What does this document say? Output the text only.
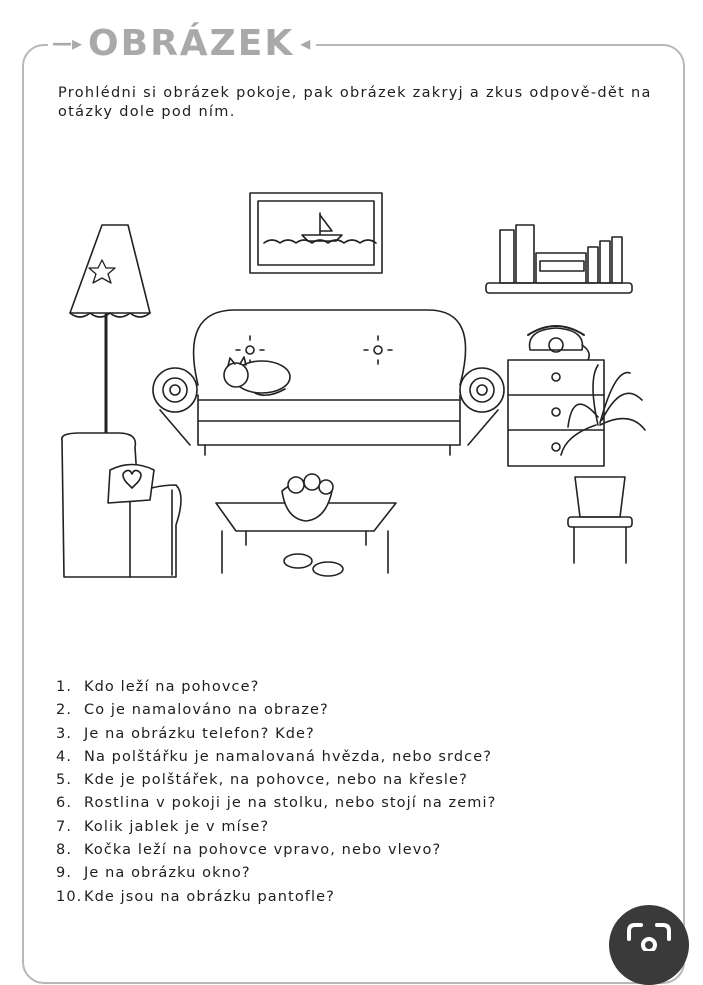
—▸ OBRÁZEK ◂

Prohlédni si obrázek pokoje, pak obrázek zakryj a zkus odpově-dět na otázky dole pod ním.

1. Kdo leží na pohovce?
2. Co je namalováno na obraze?
3. Je na obrázku telefon? Kde?
4. Na polštářku je namalovaná hvězda, nebo srdce?
5. Kde je polštářek, na pohovce, nebo na křesle?
6. Rostlina v pokoji je na stolku, nebo stojí na zemi?
7. Kolik jablek je v míse?
8. Kočka leží na pohovce vpravo, nebo vlevo?
9. Je na obrázku okno?
10. Kde jsou na obrázku pantofle?
